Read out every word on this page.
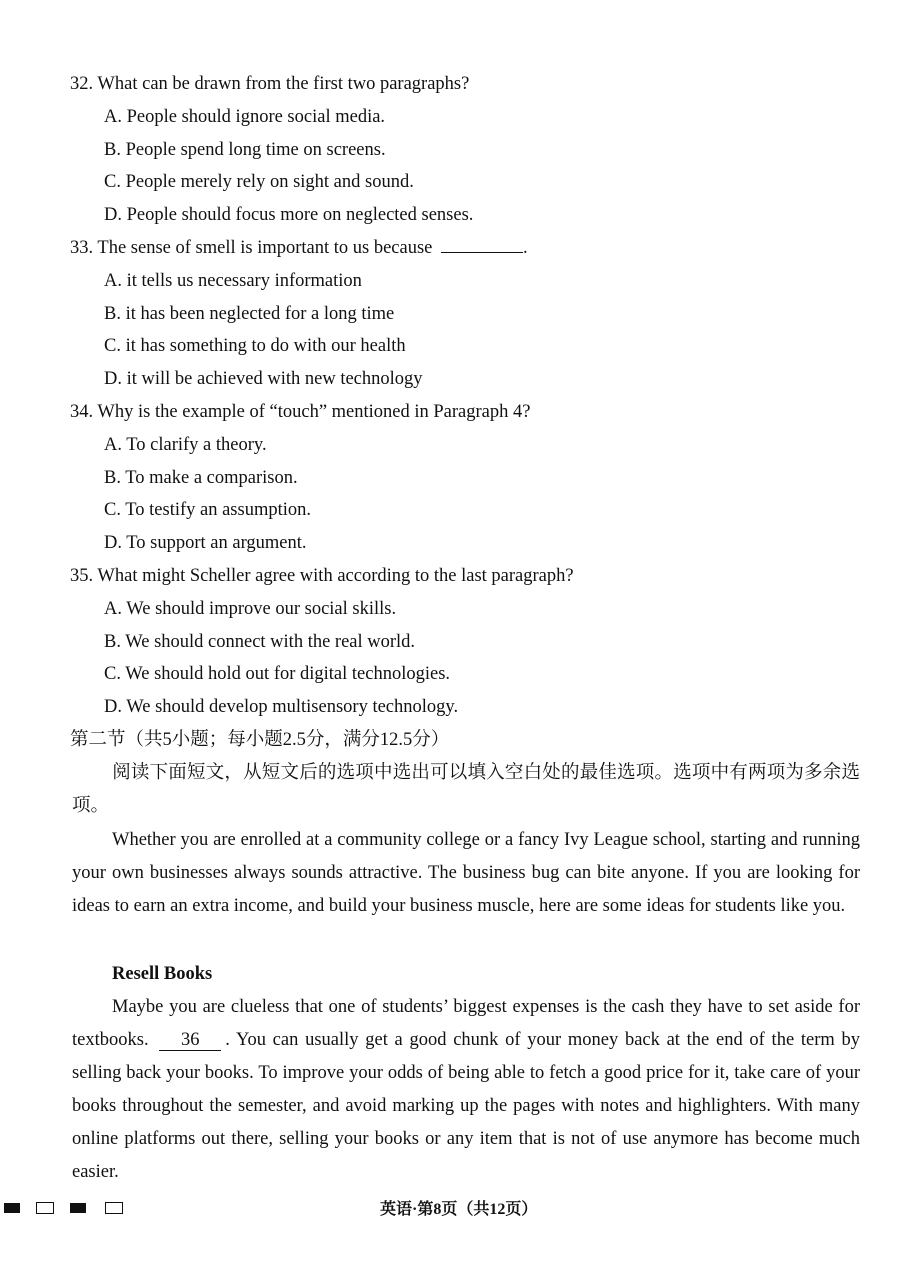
32. What can be drawn from the first two paragraphs?
A. People should ignore social media.
B. People spend long time on screens.
C. People merely rely on sight and sound.
D. People should focus more on neglected senses.
33. The sense of smell is important to us because	.
A. it tells us necessary information
B. it has been neglected for a long time
C. it has something to do with our health
D. it will be achieved with new technology
34. Why is the example of “touch” mentioned in Paragraph 4?
A. To clarify a theory.
B. To make a comparison.
C. To testify an assumption.
D. To support an argument.
35. What might Scheller agree with according to the last paragraph?
A. We should improve our social skills.
B. We should connect with the real world.
C. We should hold out for digital technologies.
D. We should develop multisensory technology.
第二节（共5小题；每小题2.5分，满分12.5分）
阅读下面短文，从短文后的选项中选出可以填入空白处的最佳选项。选项中有两项为多余选项。
Whether you are enrolled at a community college or a fancy Ivy League school, starting and running your own businesses always sounds attractive. The business bug can bite anyone. If you are looking for ideas to earn an extra income, and build your business muscle, here are some ideas for students like you.
Resell Books
Maybe you are clueless that one of students’ biggest expenses is the cash they have to set aside for textbooks. 36 . You can usually get a good chunk of your money back at the end of the term by selling back your books. To improve your odds of being able to fetch a good price for it, take care of your books throughout the semester, and avoid marking up the pages with notes and highlighters. With many online platforms out there, selling your books or any item that is not of use anymore has become much easier.
英语·第8页（共12页）
